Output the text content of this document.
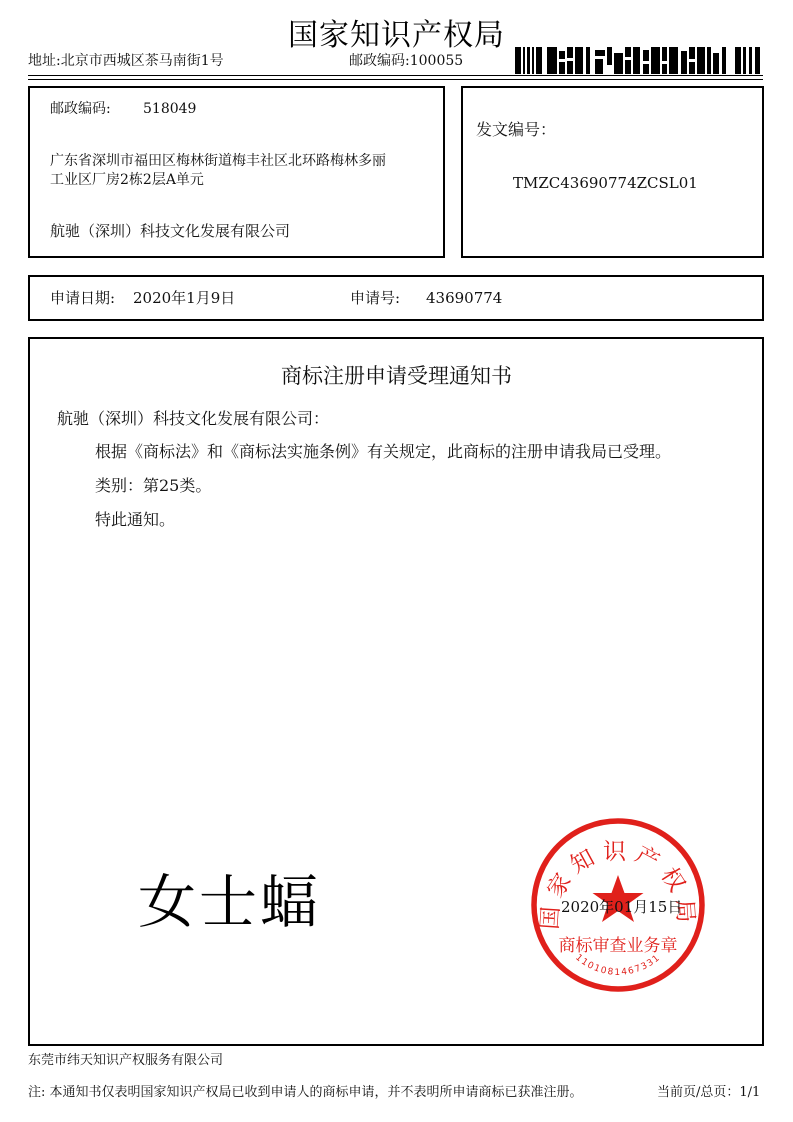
国家知识产权局
地址:北京市西城区茶马南街1号	邮政编码:100055
邮政编码: 518049
广东省深圳市福田区梅林街道梅丰社区北环路梅林多丽
工业区厂房2栋2层A单元
航驰（深圳）科技文化发展有限公司
发文编号：
TMZC43690774ZCSL01
申请日期: 2020年1月9日	申请号: 43690774
商标注册申请受理通知书
航驰（深圳）科技文化发展有限公司：
根据《商标法》和《商标法实施条例》有关规定，此商标的注册申请我局已受理。
类别：第25类。
特此通知。
女士蝠	国家知识产权局
商标审查业务章
1101081467331
2020年01月15日
东莞市纬天知识产权服务有限公司
注: 本通知书仅表明国家知识产权局已收到申请人的商标申请，并不表明所申请商标已获准注册。	当前页/总页：1/1
